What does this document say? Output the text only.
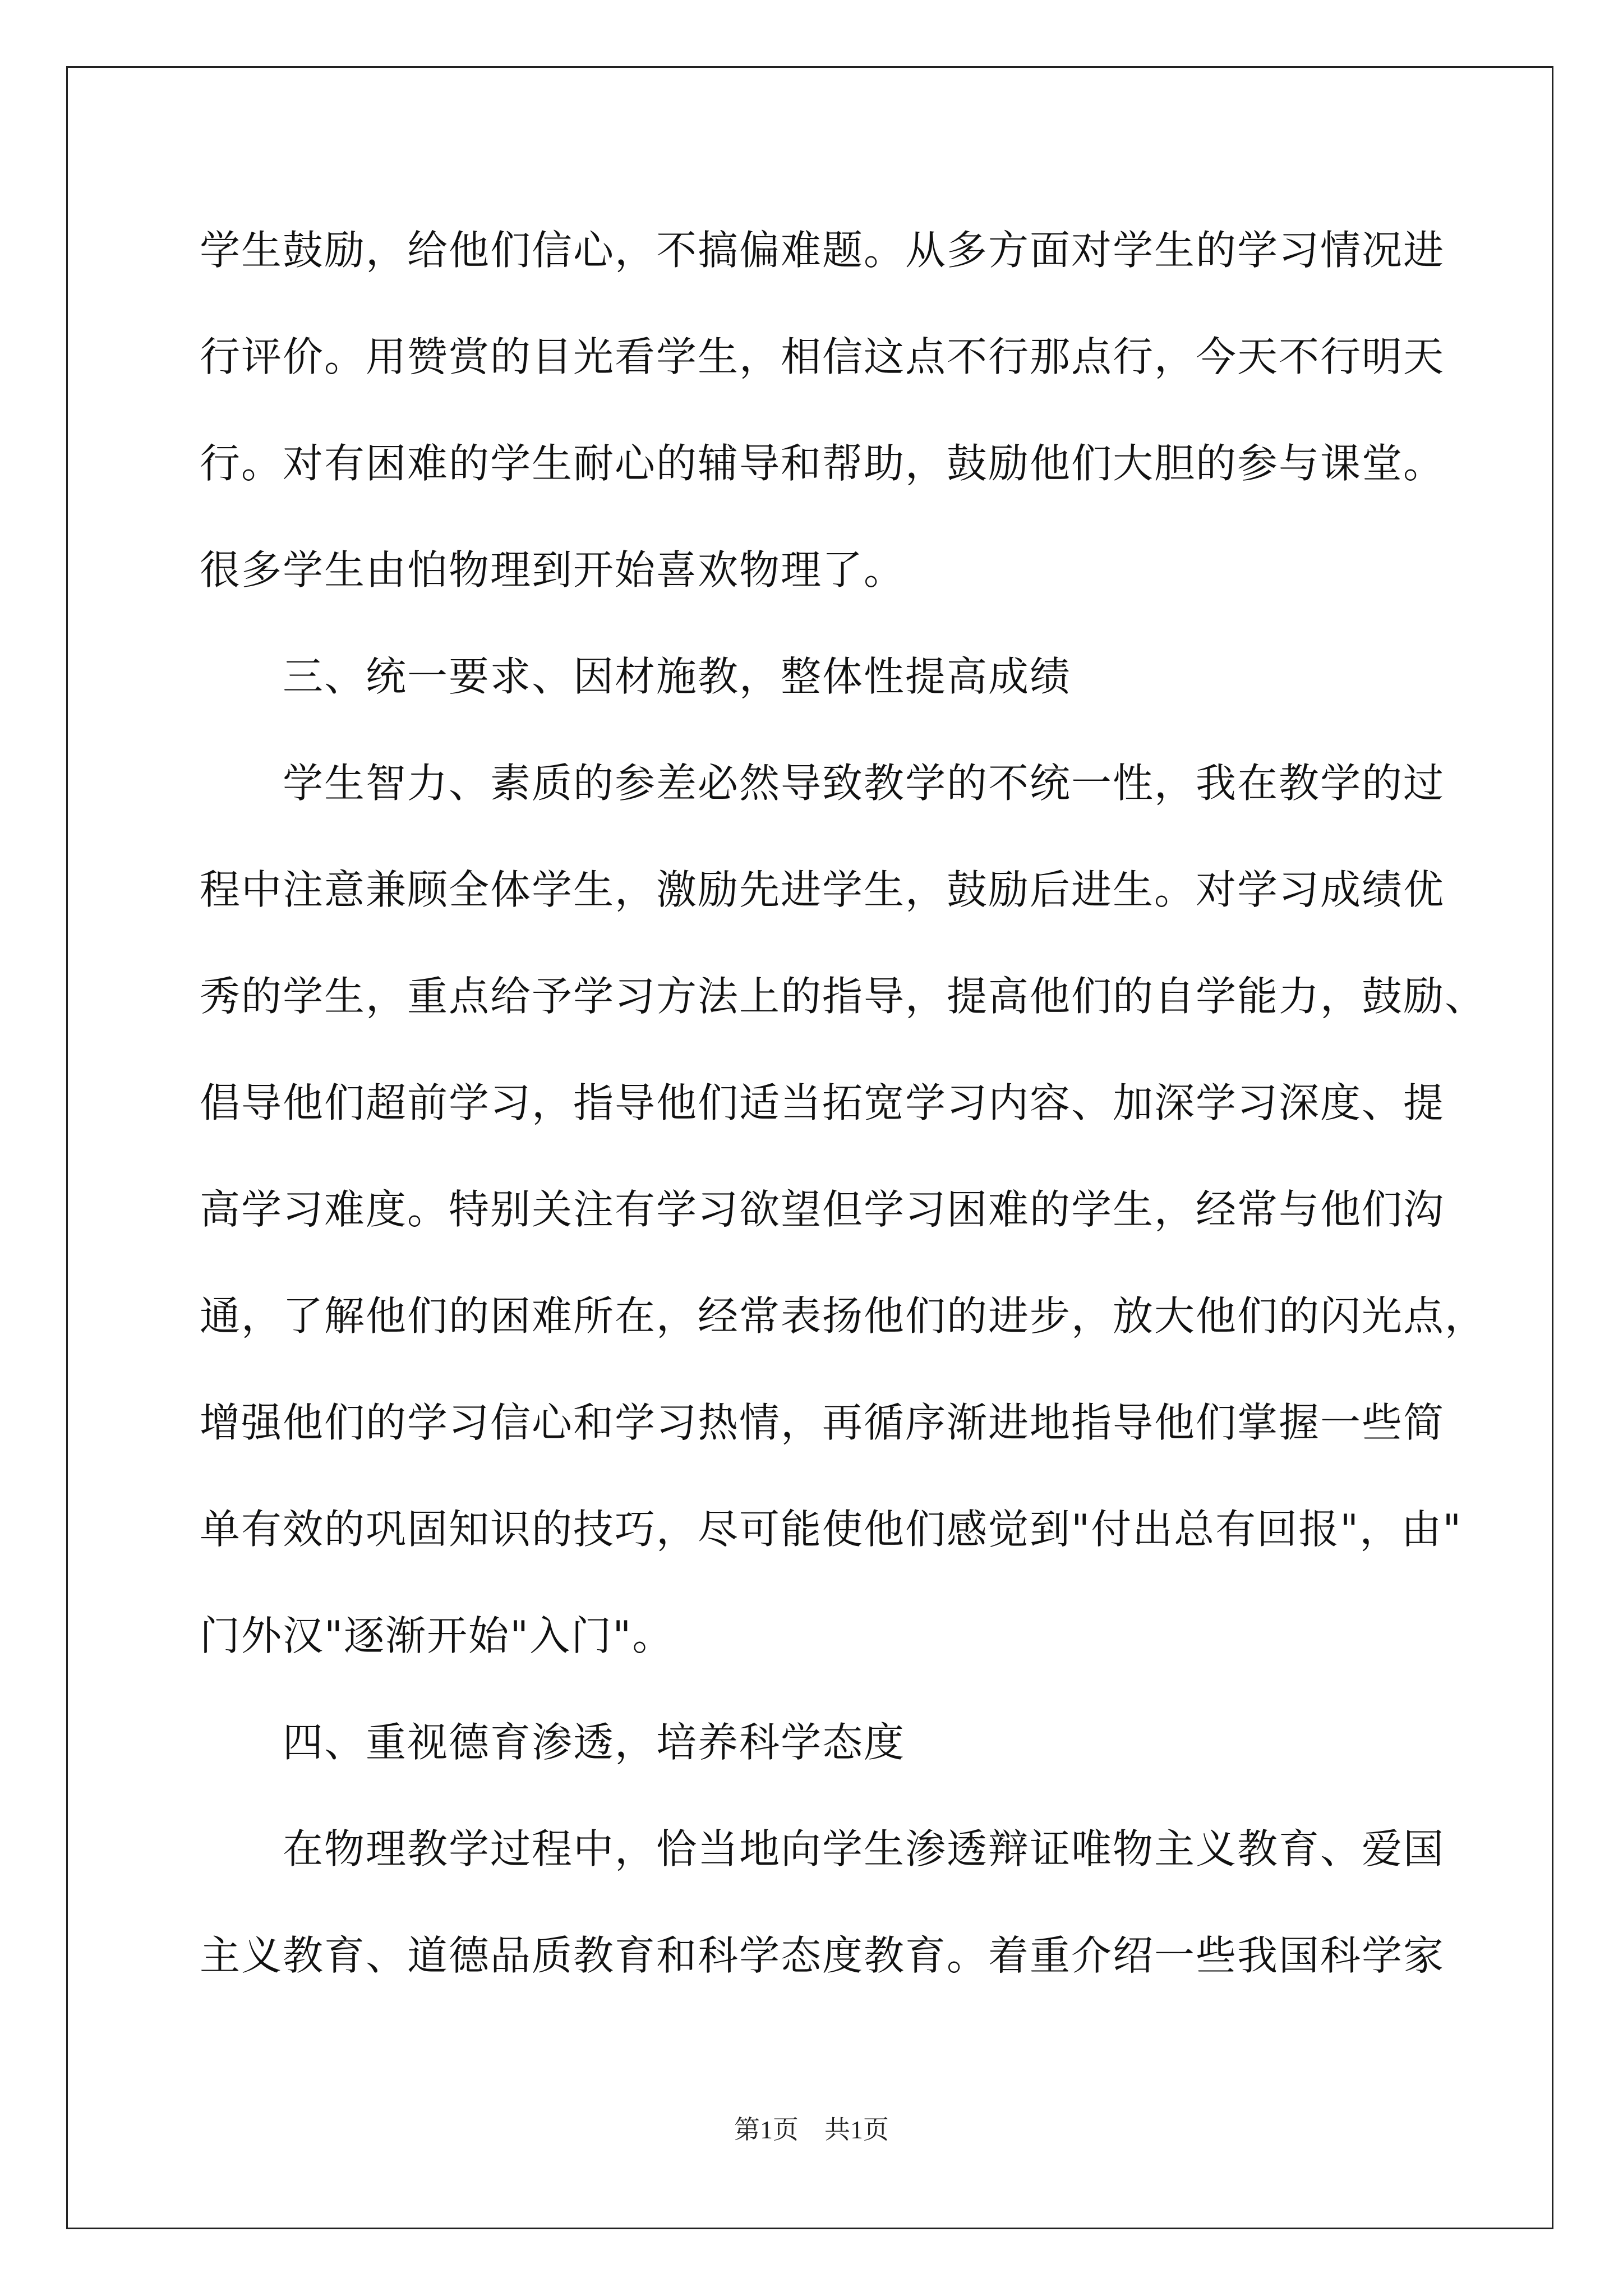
学生鼓励，给他们信心，不搞偏难题。从多方面对学生的学习情况进
行评价。用赞赏的目光看学生，相信这点不行那点行，今天不行明天
行。对有困难的学生耐心的辅导和帮助，鼓励他们大胆的参与课堂。
很多学生由怕物理到开始喜欢物理了。
三、统一要求、因材施教，整体性提高成绩
学生智力、素质的参差必然导致教学的不统一性，我在教学的过
程中注意兼顾全体学生，激励先进学生，鼓励后进生。对学习成绩优
秀的学生，重点给予学习方法上的指导，提高他们的自学能力，鼓励、
倡导他们超前学习，指导他们适当拓宽学习内容、加深学习深度、提
高学习难度。特别关注有学习欲望但学习困难的学生，经常与他们沟
通，了解他们的困难所在，经常表扬他们的进步，放大他们的闪光点，
增强他们的学习信心和学习热情，再循序渐进地指导他们掌握一些简
单有效的巩固知识的技巧，尽可能使他们感觉到"付出总有回报"，由"
门外汉"逐渐开始"入门"。
四、重视德育渗透，培养科学态度
在物理教学过程中，恰当地向学生渗透辩证唯物主义教育、爱国
主义教育、道德品质教育和科学态度教育。着重介绍一些我国科学家
第1页　共1页
